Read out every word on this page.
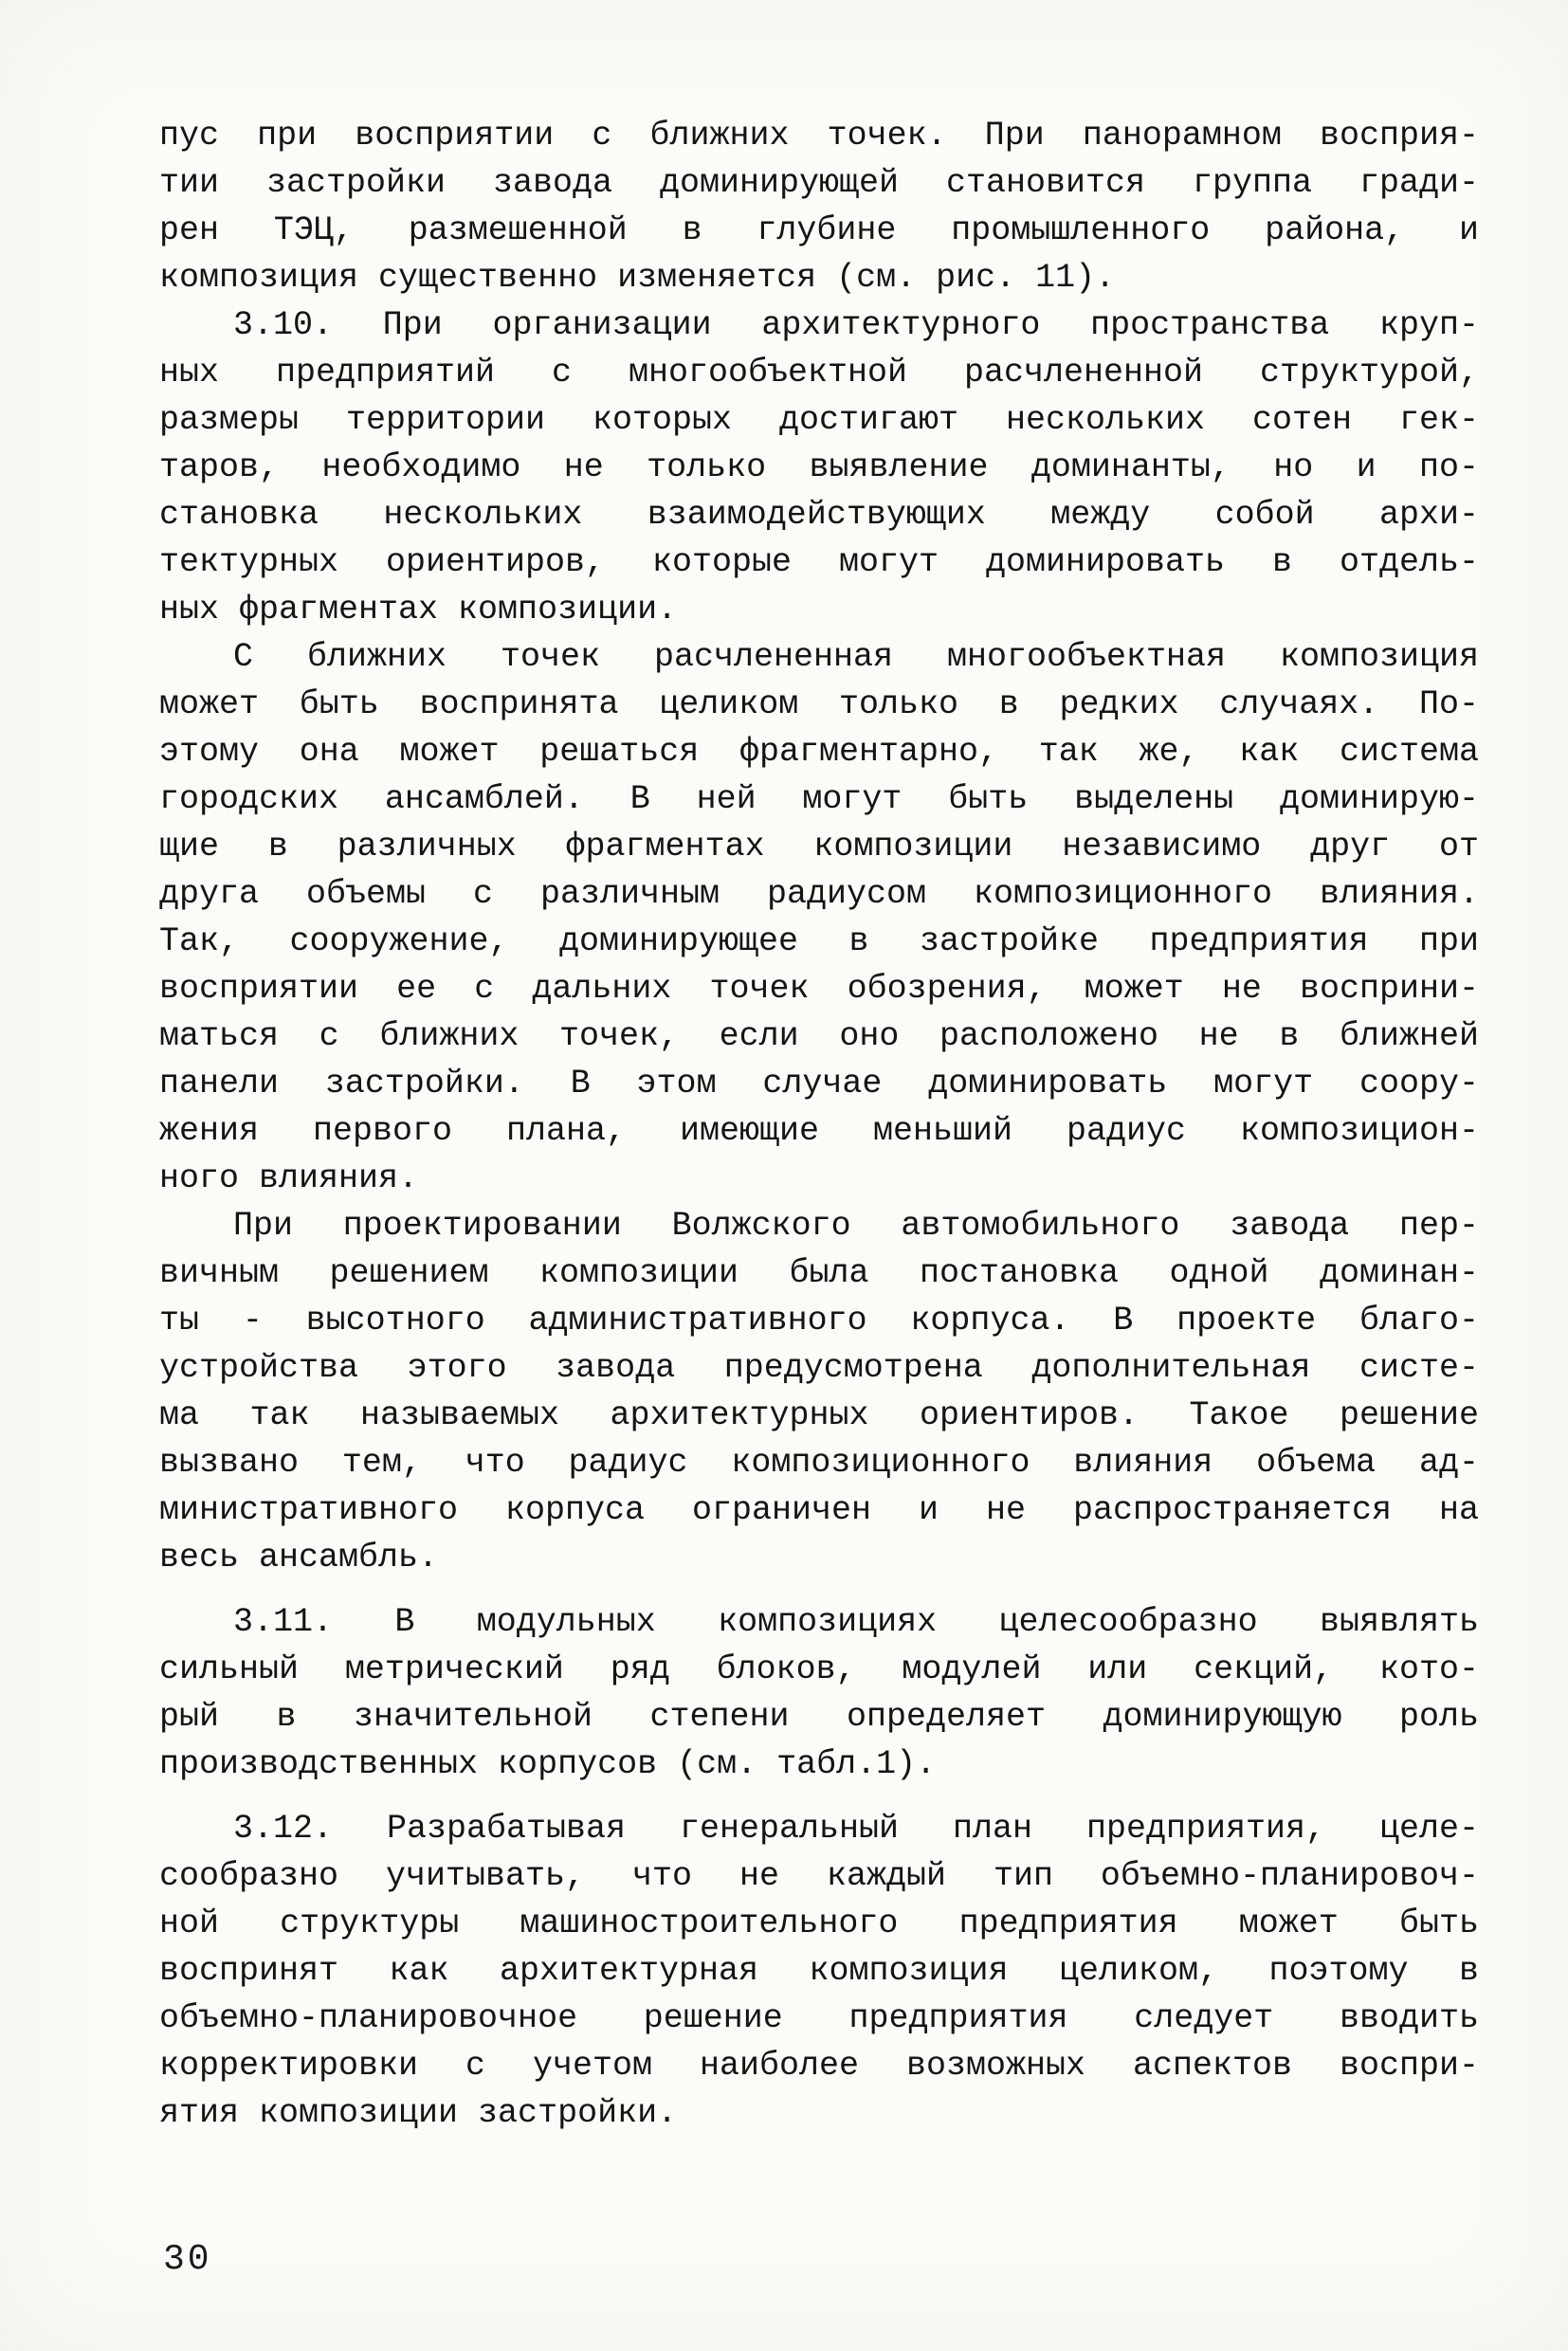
пус при восприятии с ближних точек. При панорамном восприя-
тии застройки завода доминирующей становится группа гради-
рен ТЭЦ, размешенной в глубине промышленного района, и
композиция существенно изменяется (см. рис. 11).
3.10. При организации архитектурного пространства круп-
ных предприятий с многообъектной расчлененной структурой,
размеры территории которых достигают нескольких сотен гек-
таров, необходимо не только выявление доминанты, но и по-
становка нескольких взаимодействующих между собой архи-
тектурных ориентиров, которые могут доминировать в отдель-
ных фрагментах композиции.
С ближних точек расчлененная многообъектная композиция
может быть воспринята целиком только в редких случаях. По-
этому она может решаться фрагментарно, так же, как система
городских ансамблей. В ней могут быть выделены доминирую-
щие в различных фрагментах композиции независимо друг от
друга объемы с различным радиусом композиционного влияния.
Так, сооружение, доминирующее в застройке предприятия при
восприятии ее с дальних точек обозрения, может не восприни-
маться с ближних точек, если оно расположено не в ближней
панели застройки. В этом случае доминировать могут соору-
жения первого плана, имеющие меньший радиус композицион-
ного влияния.
При проектировании Волжского автомобильного завода пер-
вичным решением композиции была постановка одной доминан-
ты - высотного административного корпуса. В проекте благо-
устройства этого завода предусмотрена дополнительная систе-
ма так называемых архитектурных ориентиров. Такое решение
вызвано тем, что радиус композиционного влияния объема ад-
министративного корпуса ограничен и не распространяется на
весь ансамбль.
3.11. В модульных композициях целесообразно выявлять
сильный метрический ряд блоков, модулей или секций, кото-
рый в значительной степени определяет доминирующую роль
производственных корпусов (см. табл.1).
3.12. Разрабатывая генеральный план предприятия, целе-
сообразно учитывать, что не каждый тип объемно-планировоч-
ной структуры машиностроительного предприятия может быть
воспринят как архитектурная композиция целиком, поэтому в
объемно-планировочное решение предприятия следует вводить
корректировки с учетом наиболее возможных аспектов воспри-
ятия композиции застройки.
30
